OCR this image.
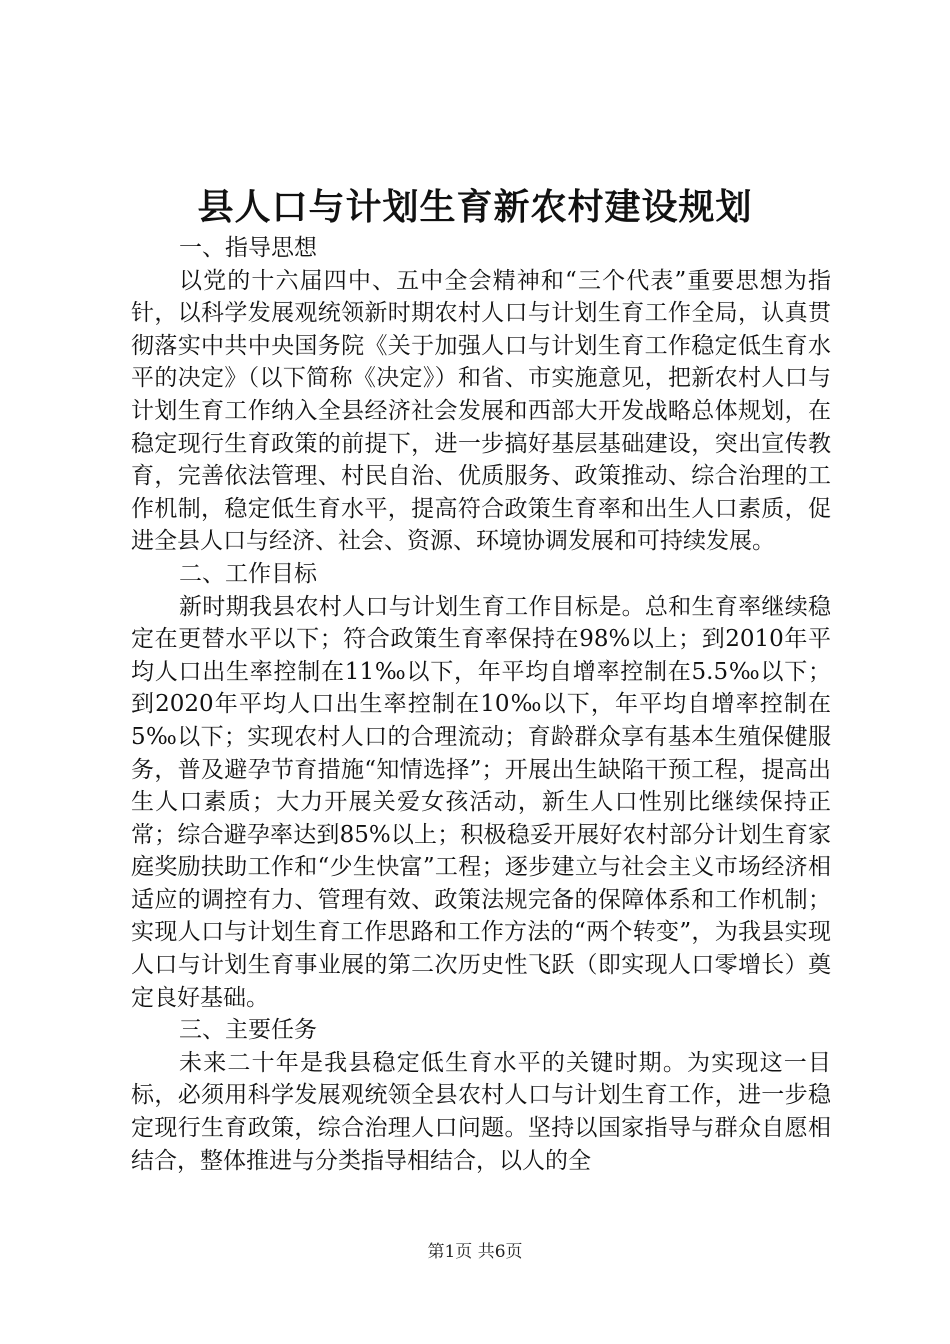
县人口与计划生育新农村建设规划

一、指导思想

以党的十六届四中、五中全会精神和“三个代表”重要思想为指针，以科学发展观统领新时期农村人口与计划生育工作全局，认真贯彻落实中共中央国务院《关于加强人口与计划生育工作稳定低生育水平的决定》（以下简称《决定》）和省、市实施意见，把新农村人口与计划生育工作纳入全县经济社会发展和西部大开发战略总体规划，在稳定现行生育政策的前提下，进一步搞好基层基础建设，突出宣传教育，完善依法管理、村民自治、优质服务、政策推动、综合治理的工作机制，稳定低生育水平，提高符合政策生育率和出生人口素质，促进全县人口与经济、社会、资源、环境协调发展和可持续发展。

二、工作目标

新时期我县农村人口与计划生育工作目标是。总和生育率继续稳定在更替水平以下；符合政策生育率保持在98%以上；到2010年平均人口出生率控制在11‰以下，年平均自增率控制在5.5‰以下；到2020年平均人口出生率控制在10‰以下，年平均自增率控制在5‰以下；实现农村人口的合理流动；育龄群众享有基本生殖保健服务，普及避孕节育措施“知情选择”；开展出生缺陷干预工程，提高出生人口素质；大力开展关爱女孩活动，新生人口性别比继续保持正常；综合避孕率达到85%以上；积极稳妥开展好农村部分计划生育家庭奖励扶助工作和“少生快富”工程；逐步建立与社会主义市场经济相适应的调控有力、管理有效、政策法规完备的保障体系和工作机制；实现人口与计划生育工作思路和工作方法的“两个转变”，为我县实现人口与计划生育事业展的第二次历史性飞跃（即实现人口零增长）奠定良好基础。

三、主要任务

未来二十年是我县稳定低生育水平的关键时期。为实现这一目标，必须用科学发展观统领全县农村人口与计划生育工作，进一步稳定现行生育政策，综合治理人口问题。坚持以国家指导与群众自愿相结合，整体推进与分类指导相结合，以人的全

第1页 共6页
